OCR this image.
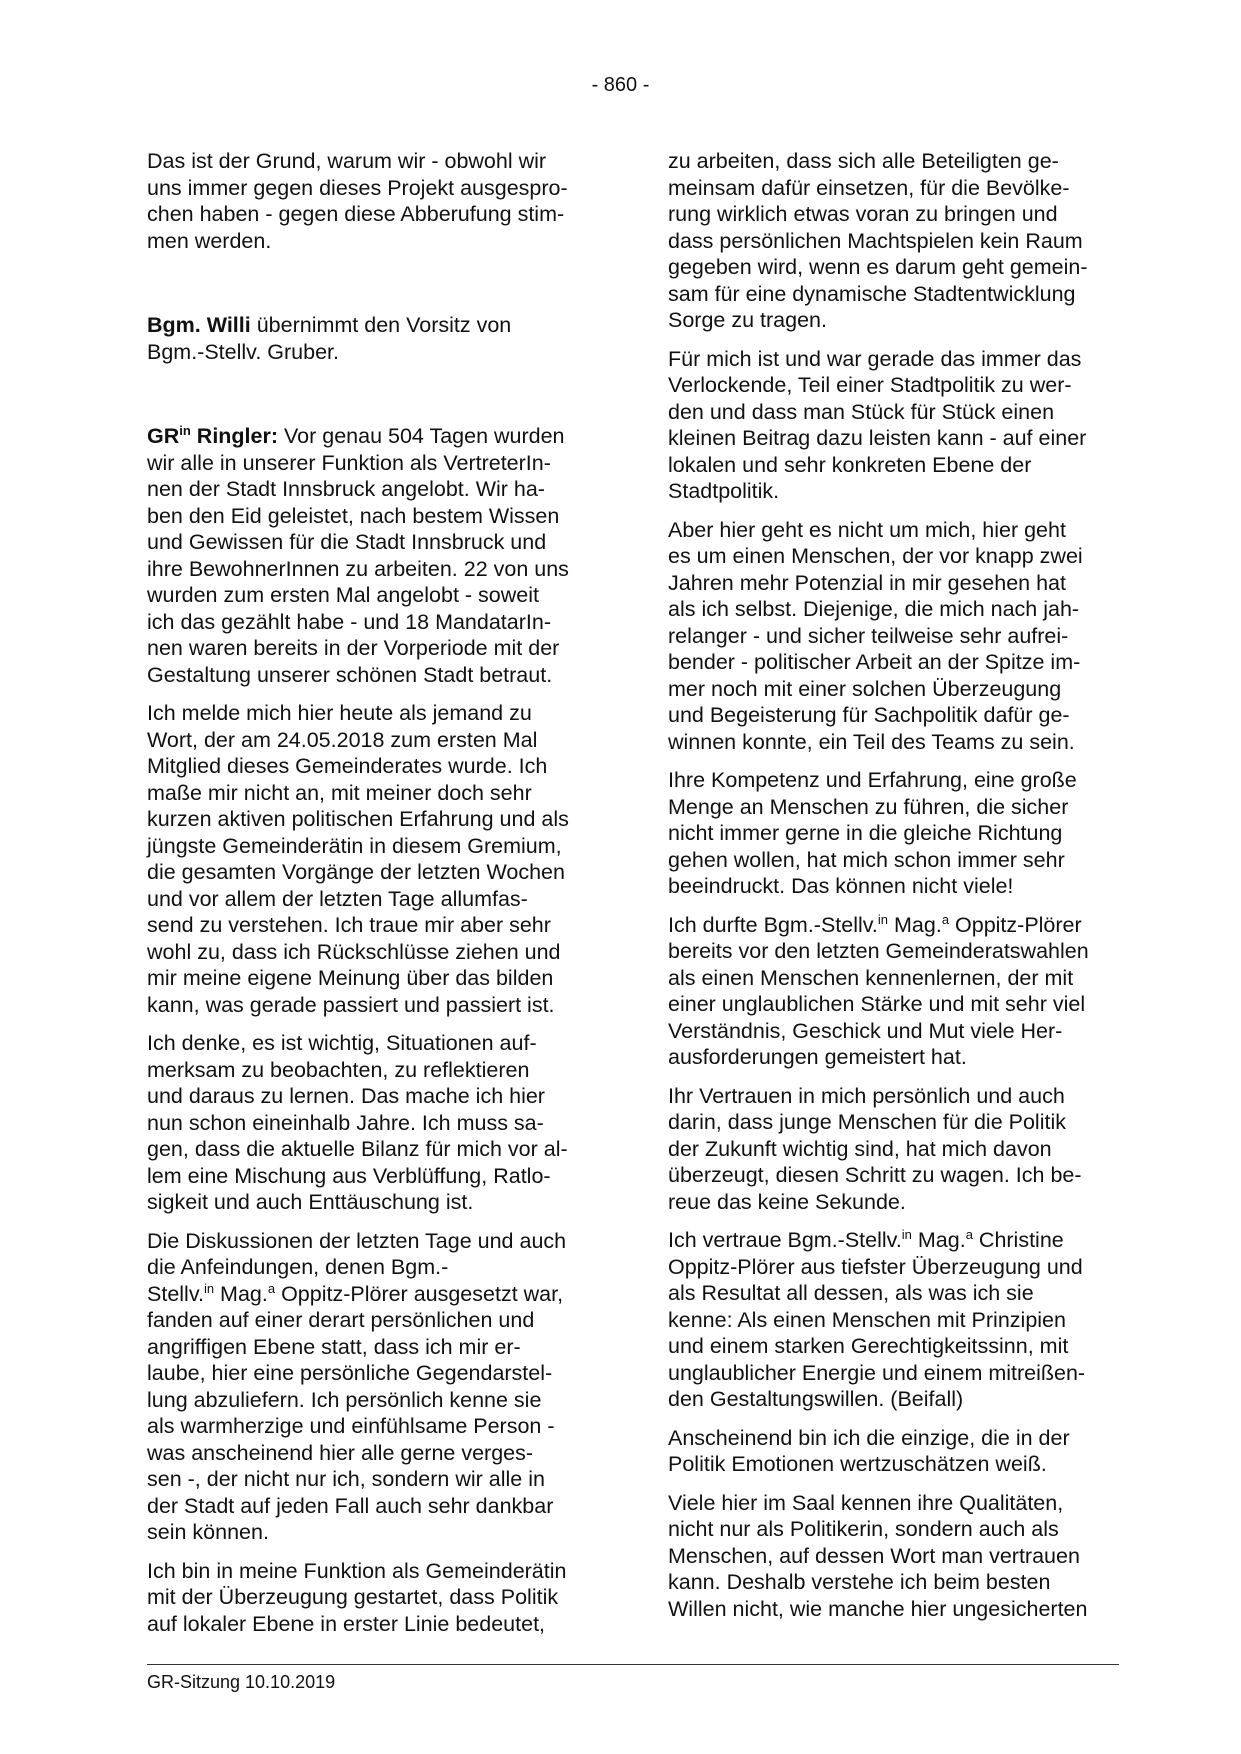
- 860 -

Das ist der Grund, warum wir - obwohl wir
uns immer gegen dieses Projekt ausgespro-
chen haben - gegen diese Abberufung stim-
men werden.

Bgm. Willi übernimmt den Vorsitz von
Bgm.-Stellv. Gruber.

$GR^{in}$ Ringler: Vor genau 504 Tagen wurden
wir alle in unserer Funktion als VertreterIn-
nen der Stadt Innsbruck angelobt. Wir ha-
ben den Eid geleistet, nach bestem Wissen
und Gewissen für die Stadt Innsbruck und
ihre BewohnerInnen zu arbeiten. 22 von uns
wurden zum ersten Mal angelobt - soweit
ich das gezählt habe - und 18 MandatarIn-
nen waren bereits in der Vorperiode mit der
Gestaltung unserer schönen Stadt betraut.

Ich melde mich hier heute als jemand zu
Wort, der am 24.05.2018 zum ersten Mal
Mitglied dieses Gemeinderates wurde. Ich
maße mir nicht an, mit meiner doch sehr
kurzen aktiven politischen Erfahrung und als
jüngste Gemeinderätin in diesem Gremium,
die gesamten Vorgänge der letzten Wochen
und vor allem der letzten Tage allumfas-
send zu verstehen. Ich traue mir aber sehr
wohl zu, dass ich Rückschlüsse ziehen und
mir meine eigene Meinung über das bilden
kann, was gerade passiert und passiert ist.

Ich denke, es ist wichtig, Situationen auf-
merksam zu beobachten, zu reflektieren
und daraus zu lernen. Das mache ich hier
nun schon eineinhalb Jahre. Ich muss sa-
gen, dass die aktuelle Bilanz für mich vor al-
lem eine Mischung aus Verblüffung, Ratlo-
sigkeit und auch Enttäuschung ist.

Die Diskussionen der letzten Tage und auch
die Anfeindungen, denen Bgm.-
Stellv.$^{in}$ Mag.$^a$ Oppitz-Plörer ausgesetzt war,
fanden auf einer derart persönlichen und
angriffigen Ebene statt, dass ich mir er-
laube, hier eine persönliche Gegendarstel-
lung abzuliefern. Ich persönlich kenne sie
als warmherzige und einfühlsame Person -
was anscheinend hier alle gerne verges-
sen -, der nicht nur ich, sondern wir alle in
der Stadt auf jeden Fall auch sehr dankbar
sein können.

Ich bin in meine Funktion als Gemeinderätin
mit der Überzeugung gestartet, dass Politik
auf lokaler Ebene in erster Linie bedeutet,

zu arbeiten, dass sich alle Beteiligten ge-
meinsam dafür einsetzen, für die Bevölke-
rung wirklich etwas voran zu bringen und
dass persönlichen Machtspielen kein Raum
gegeben wird, wenn es darum geht gemein-
sam für eine dynamische Stadtentwicklung
Sorge zu tragen.

Für mich ist und war gerade das immer das
Verlockende, Teil einer Stadtpolitik zu wer-
den und dass man Stück für Stück einen
kleinen Beitrag dazu leisten kann - auf einer
lokalen und sehr konkreten Ebene der
Stadtpolitik.

Aber hier geht es nicht um mich, hier geht
es um einen Menschen, der vor knapp zwei
Jahren mehr Potenzial in mir gesehen hat
als ich selbst. Diejenige, die mich nach jah-
relanger - und sicher teilweise sehr aufrei-
bender - politischer Arbeit an der Spitze im-
mer noch mit einer solchen Überzeugung
und Begeisterung für Sachpolitik dafür ge-
winnen konnte, ein Teil des Teams zu sein.

Ihre Kompetenz und Erfahrung, eine große
Menge an Menschen zu führen, die sicher
nicht immer gerne in die gleiche Richtung
gehen wollen, hat mich schon immer sehr
beeindruckt. Das können nicht viele!

Ich durfte Bgm.-Stellv.$^{in}$ Mag.$^a$ Oppitz-Plörer
bereits vor den letzten Gemeinderatswahlen
als einen Menschen kennenlernen, der mit
einer unglaublichen Stärke und mit sehr viel
Verständnis, Geschick und Mut viele Her-
ausforderungen gemeistert hat.

Ihr Vertrauen in mich persönlich und auch
darin, dass junge Menschen für die Politik
der Zukunft wichtig sind, hat mich davon
überzeugt, diesen Schritt zu wagen. Ich be-
reue das keine Sekunde.

Ich vertraue Bgm.-Stellv.$^{in}$ Mag.$^a$ Christine
Oppitz-Plörer aus tiefster Überzeugung und
als Resultat all dessen, als was ich sie
kenne: Als einen Menschen mit Prinzipien
und einem starken Gerechtigkeitssinn, mit
unglaublicher Energie und einem mitreißen-
den Gestaltungswillen. (Beifall)

Anscheinend bin ich die einzige, die in der
Politik Emotionen wertzuschätzen weiß.

Viele hier im Saal kennen ihre Qualitäten,
nicht nur als Politikerin, sondern auch als
Menschen, auf dessen Wort man vertrauen
kann. Deshalb verstehe ich beim besten
Willen nicht, wie manche hier ungesicherten

GR-Sitzung 10.10.2019
